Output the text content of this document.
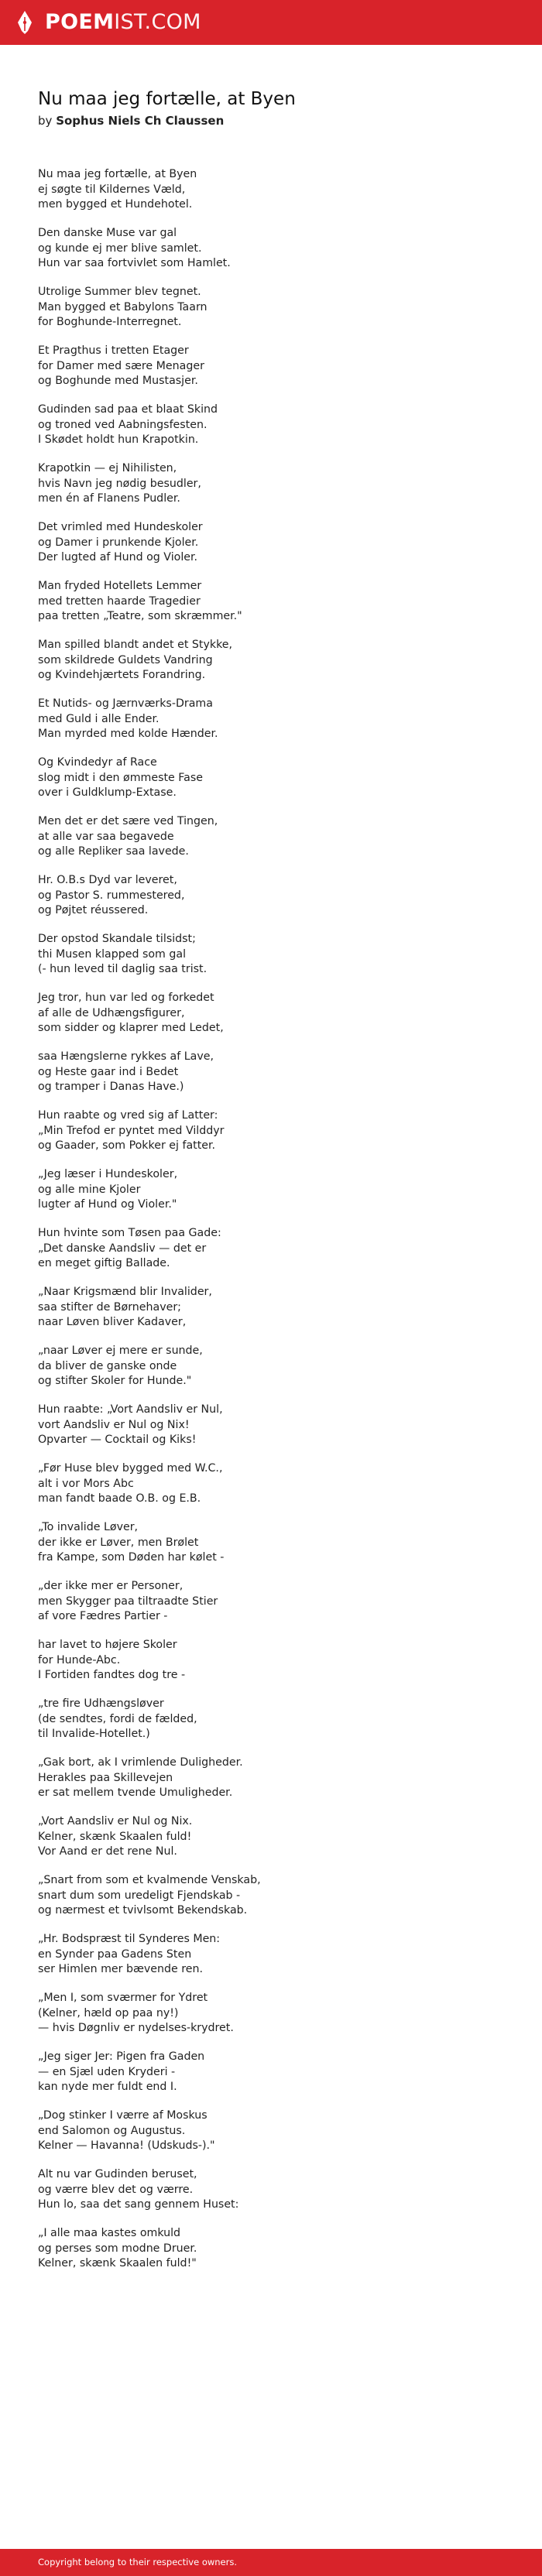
POEMIST.COM
Nu maa jeg fortælle, at Byen
by Sophus Niels Ch Claussen
Nu maa jeg fortælle, at Byen
ej søgte til Kildernes Væld,
men bygged et Hundehotel.
Den danske Muse var gal
og kunde ej mer blive samlet.
Hun var saa fortvivlet som Hamlet.
Utrolige Summer blev tegnet.
Man bygged et Babylons Taarn
for Boghunde-Interregnet.
Et Pragthus i tretten Etager
for Damer med sære Menager
og Boghunde med Mustasjer.
Gudinden sad paa et blaat Skind
og troned ved Aabningsfesten.
I Skødet holdt hun Krapotkin.
Krapotkin — ej Nihilisten,
hvis Navn jeg nødig besudler,
men én af Flanens Pudler.
Det vrimled med Hundeskoler
og Damer i prunkende Kjoler.
Der lugted af Hund og Violer.
Man fryded Hotellets Lemmer
med tretten haarde Tragedier
paa tretten „Teatre, som skræmmer."
Man spilled blandt andet et Stykke,
som skildrede Guldets Vandring
og Kvindehjærtets Forandring.
Et Nutids- og Jærnværks-Drama
med Guld i alle Ender.
Man myrded med kolde Hænder.
Og Kvindedyr af Race
slog midt i den ømmeste Fase
over i Guldklump-Extase.
Men det er det sære ved Tingen,
at alle var saa begavede
og alle Repliker saa lavede.
Hr. O.B.s Dyd var leveret,
og Pastor S. rummestered,
og Pøjtet réussered.
Der opstod Skandale tilsidst;
thi Musen klapped som gal
(- hun leved til daglig saa trist.
Jeg tror, hun var led og forkedet
af alle de Udhængsfigurer,
som sidder og klaprer med Ledet,
saa Hængslerne rykkes af Lave,
og Heste gaar ind i Bedet
og tramper i Danas Have.)
Hun raabte og vred sig af Latter:
„Min Trefod er pyntet med Vilddyr
og Gaader, som Pokker ej fatter.
„Jeg læser i Hundeskoler,
og alle mine Kjoler
lugter af Hund og Violer."
Hun hvinte som Tøsen paa Gade:
„Det danske Aandsliv — det er
en meget giftig Ballade.
„Naar Krigsmænd blir Invalider,
saa stifter de Børnehaver;
naar Løven bliver Kadaver,
„naar Løver ej mere er sunde,
da bliver de ganske onde
og stifter Skoler for Hunde."
Hun raabte: „Vort Aandsliv er Nul,
vort Aandsliv er Nul og Nix!
Opvarter — Cocktail og Kiks!
„Før Huse blev bygged med W.C.,
alt i vor Mors Abc
man fandt baade O.B. og E.B.
„To invalide Løver,
der ikke er Løver, men Brølet
fra Kampe, som Døden har kølet -
„der ikke mer er Personer,
men Skygger paa tiltraadte Stier
af vore Fædres Partier -
har lavet to højere Skoler
for Hunde-Abc.
I Fortiden fandtes dog tre -
„tre fire Udhængsløver
(de sendtes, fordi de fælded,
til Invalide-Hotellet.)
„Gak bort, ak I vrimlende Duligheder.
Herakles paa Skillevejen
er sat mellem tvende Umuligheder.
„Vort Aandsliv er Nul og Nix.
Kelner, skænk Skaalen fuld!
Vor Aand er det rene Nul.
„Snart from som et kvalmende Venskab,
snart dum som uredeligt Fjendskab -
og nærmest et tvivlsomt Bekendskab.
„Hr. Bodspræst til Synderes Men:
en Synder paa Gadens Sten
ser Himlen mer bævende ren.
„Men I, som sværmer for Ydret
(Kelner, hæld op paa ny!)
— hvis Døgnliv er nydelses-krydret.
„Jeg siger Jer: Pigen fra Gaden
— en Sjæl uden Kryderi -
kan nyde mer fuldt end I.
„Dog stinker I værre af Moskus
end Salomon og Augustus.
Kelner — Havanna! (Udskuds-)."
Alt nu var Gudinden beruset,
og værre blev det og værre.
Hun lo, saa det sang gennem Huset:
„I alle maa kastes omkuld
og perses som modne Druer.
Kelner, skænk Skaalen fuld!"
Copyright belong to their respective owners.
